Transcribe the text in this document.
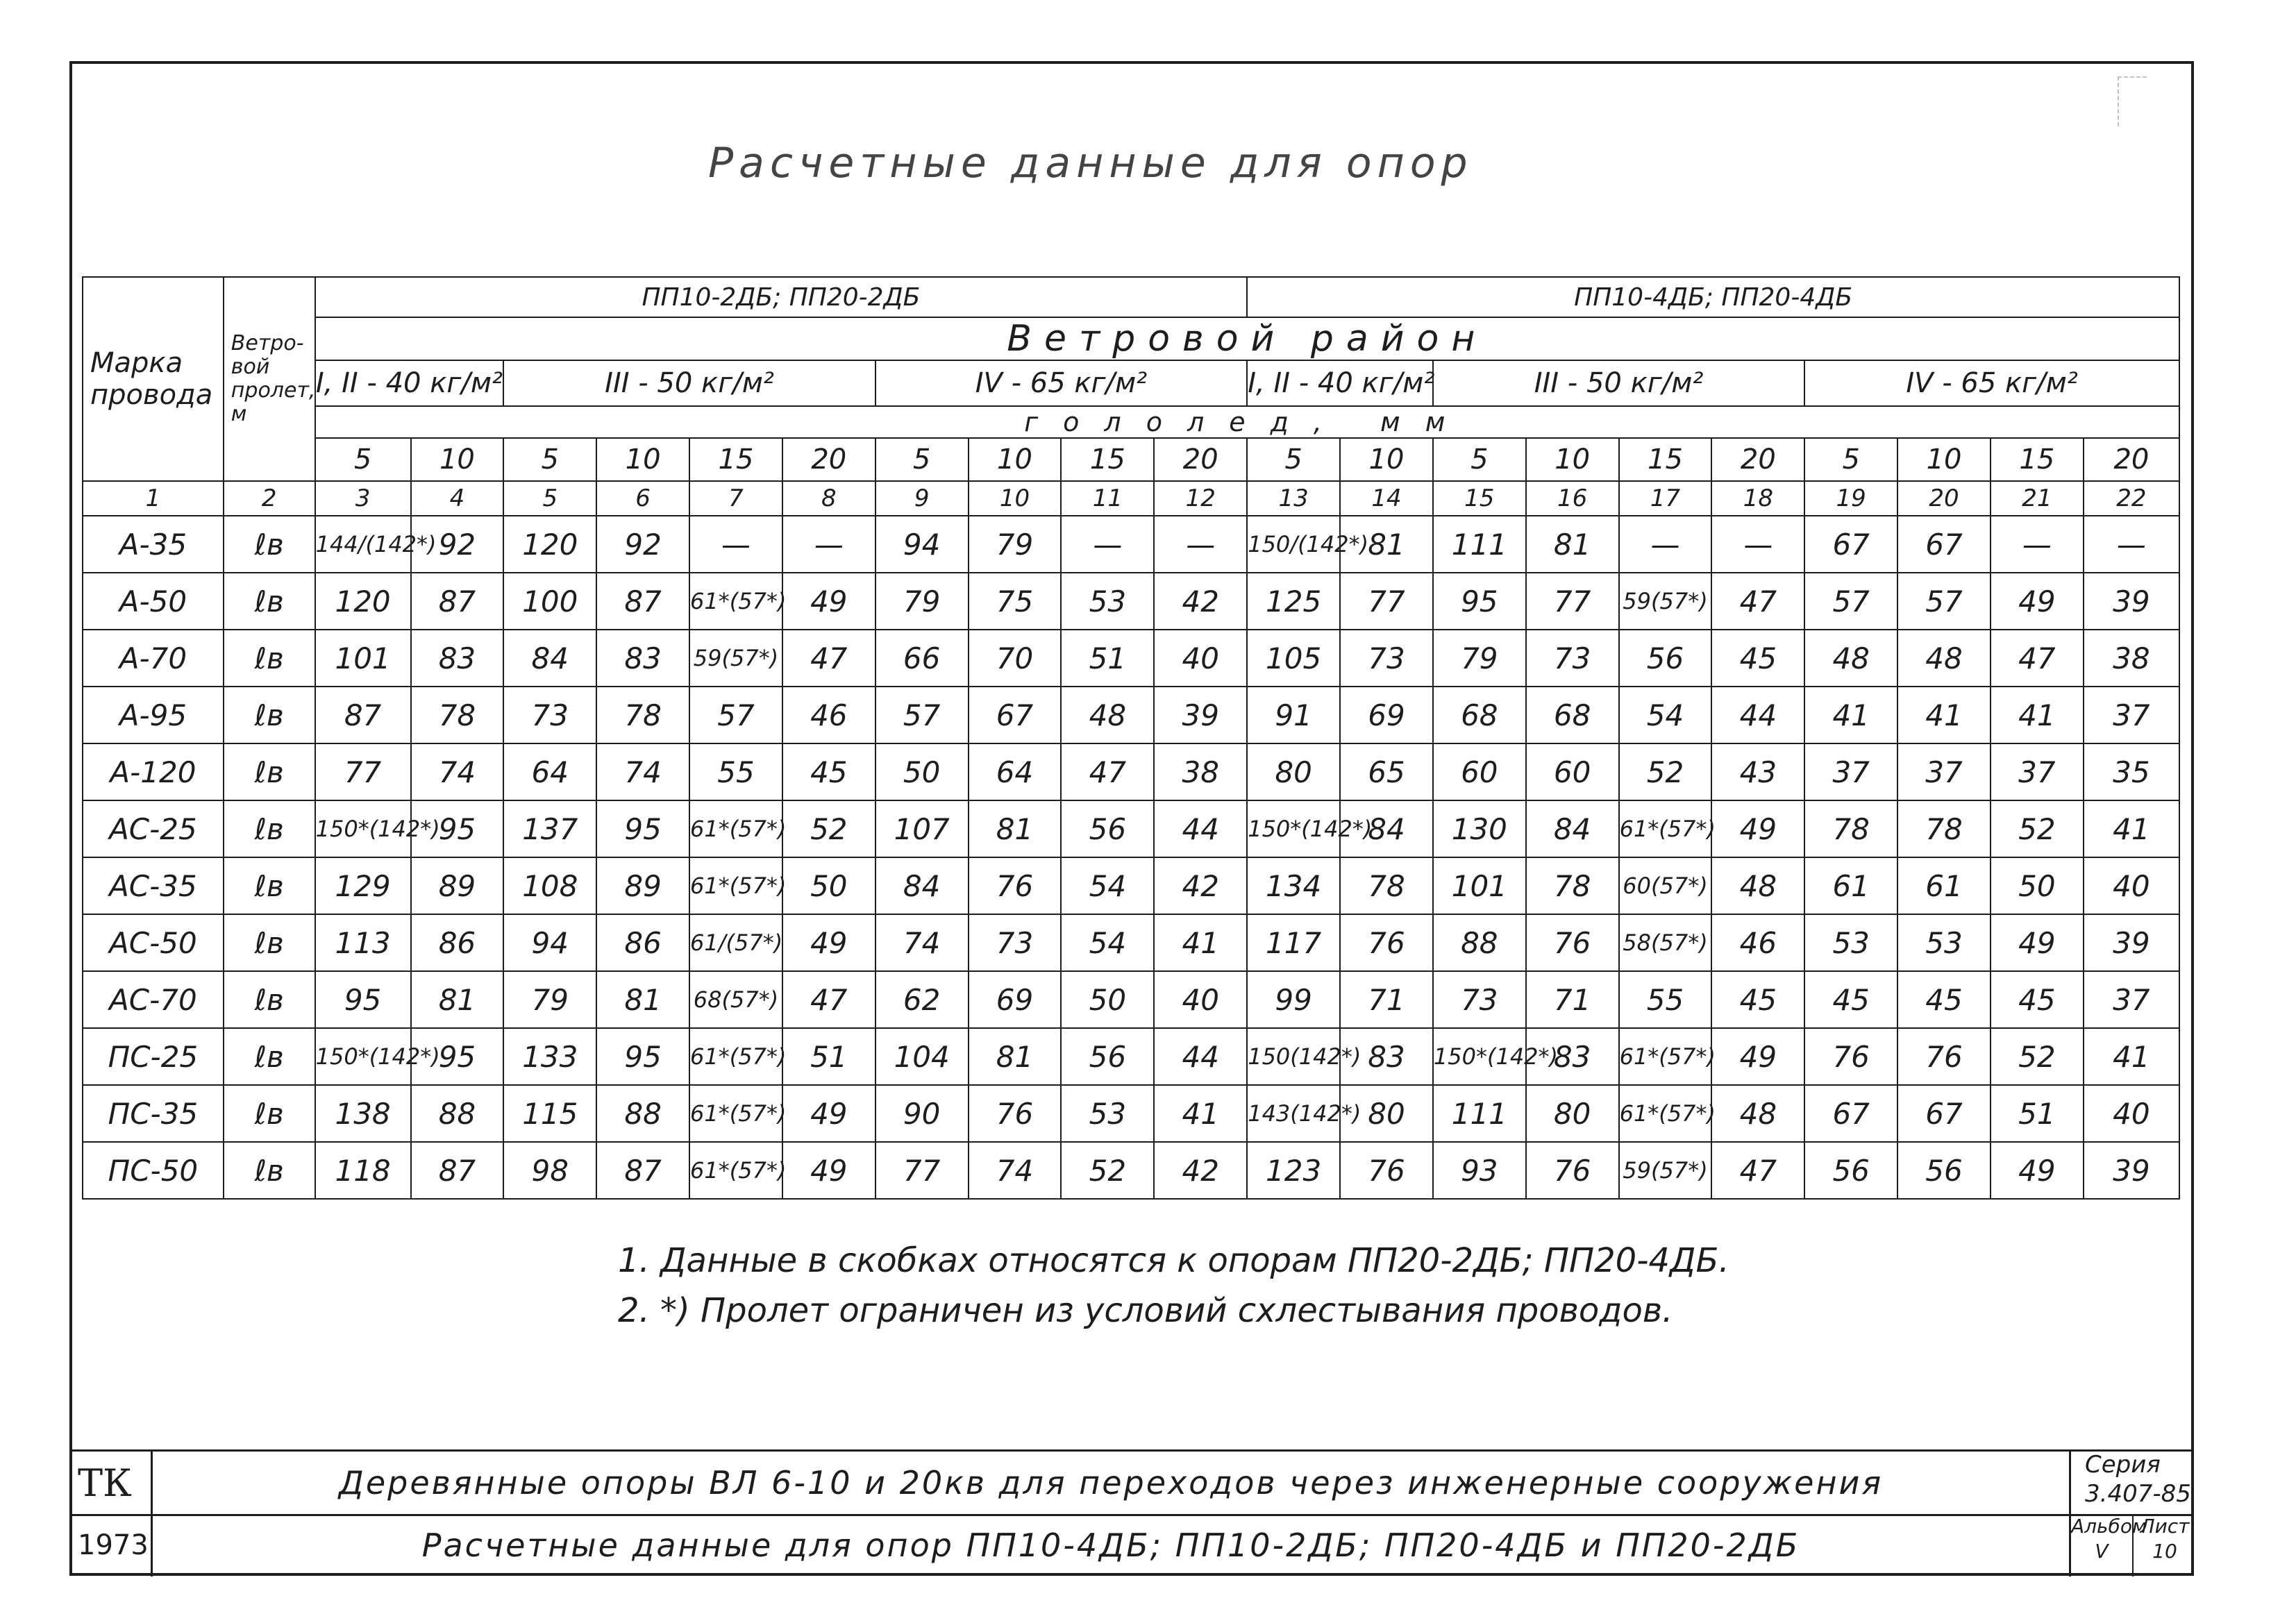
Расчетные данные для опор
Марка провода	Ветро- вой пролет, м	ПП10-2ДБ; ПП20-2ДБ										ПП10-4ДБ; ПП20-4ДБ									
		Ветровой район																			
		I, II - 40 кг/м²		III - 50 кг/м²				IV - 65 кг/м²				I, II - 40 кг/м²		III - 50 кг/м²				IV - 65 кг/м²			
		гололед, мм																			
		5	10	5	10	15	20	5	10	15	20	5	10	5	10	15	20	5	10	15	20
1	2	3	4	5	6	7	8	9	10	11	12	13	14	15	16	17	18	19	20	21	22
А-35	ℓв	144/(142*)	92	120	92	—	—	94	79	—	—	150/(142*)	81	111	81	—	—	67	67	—	—
А-50	ℓв	120	87	100	87	61*(57*)	49	79	75	53	42	125	77	95	77	59(57*)	47	57	57	49	39
А-70	ℓв	101	83	84	83	59(57*)	47	66	70	51	40	105	73	79	73	56	45	48	48	47	38
А-95	ℓв	87	78	73	78	57	46	57	67	48	39	91	69	68	68	54	44	41	41	41	37
А-120	ℓв	77	74	64	74	55	45	50	64	47	38	80	65	60	60	52	43	37	37	37	35
АС-25	ℓв	150*(142*)	95	137	95	61*(57*)	52	107	81	56	44	150*(142*)	84	130	84	61*(57*)	49	78	78	52	41
АС-35	ℓв	129	89	108	89	61*(57*)	50	84	76	54	42	134	78	101	78	60(57*)	48	61	61	50	40
АС-50	ℓв	113	86	94	86	61/(57*)	49	74	73	54	41	117	76	88	76	58(57*)	46	53	53	49	39
АС-70	ℓв	95	81	79	81	68(57*)	47	62	69	50	40	99	71	73	71	55	45	45	45	45	37
ПС-25	ℓв	150*(142*)	95	133	95	61*(57*)	51	104	81	56	44	150(142*)	83	150*(142*)	83	61*(57*)	49	76	76	52	41
ПС-35	ℓв	138	88	115	88	61*(57*)	49	90	76	53	41	143(142*)	80	111	80	61*(57*)	48	67	67	51	40
ПС-50	ℓв	118	87	98	87	61*(57*)	49	77	74	52	42	123	76	93	76	59(57*)	47	56	56	49	39
1. Данные в скобках относятся к опорам ПП20-2ДБ; ПП20-4ДБ.
2. *) Пролет ограничен из условий схлестывания проводов.
ТК	Деревянные опоры ВЛ 6-10 и 20кв для переходов через инженерные сооружения	Серия
3.407-85
1973	Расчетные данные для опор ПП10-4ДБ; ПП10-2ДБ; ПП20-4ДБ и ПП20-2ДБ
Альбом
V
Лист
10
